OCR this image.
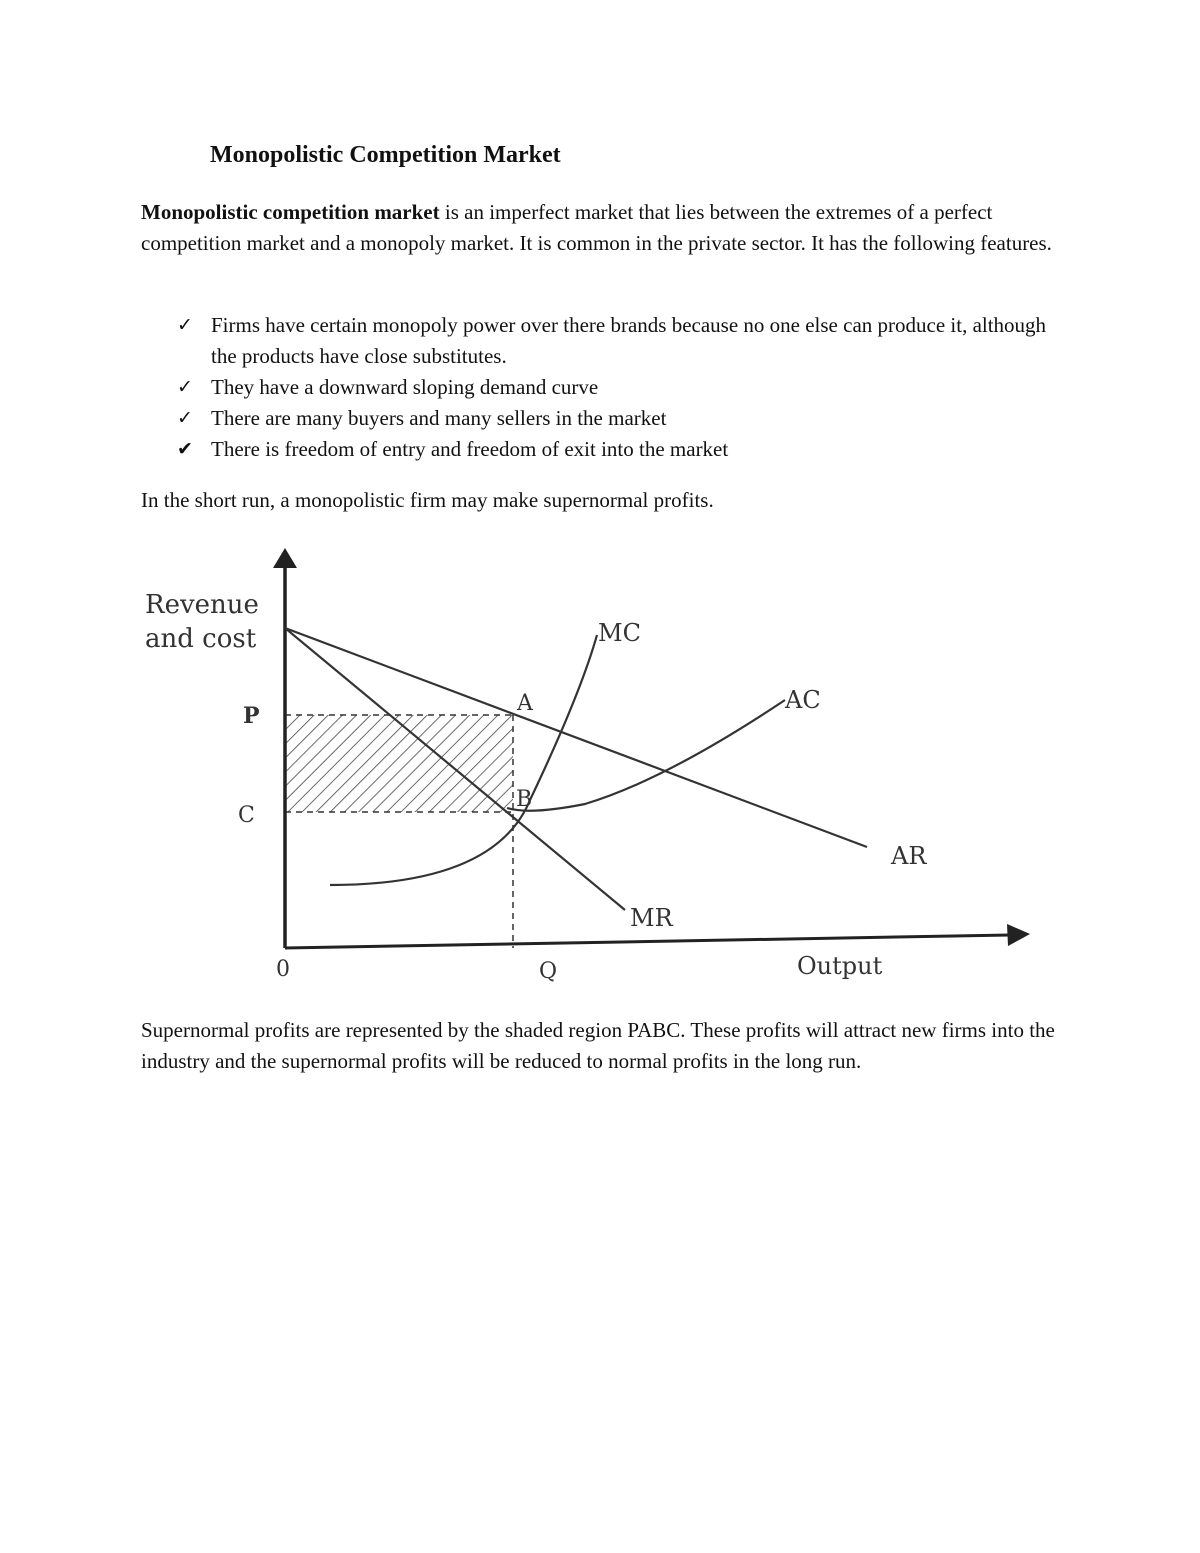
Monopolistic Competition Market

Monopolistic competition market is an imperfect market that lies between the extremes of a perfect competition market and a monopoly market. It is common in the private sector. It has the following features.

✓ Firms have certain monopoly power over there brands because no one else can produce it, although the products have close substitutes.
✓ They have a downward sloping demand curve
✓ There are many buyers and many sellers in the market
✔ There is freedom of entry and freedom of exit into the market

In the short run, a monopolistic firm may make supernormal profits.

Revenue
and cost
P
C
A
B
MC
AC
AR
MR
0	Q	Output

Supernormal profits are represented by the shaded region PABC. These profits will attract new firms into the industry and the supernormal profits will be reduced to normal profits in the long run.
